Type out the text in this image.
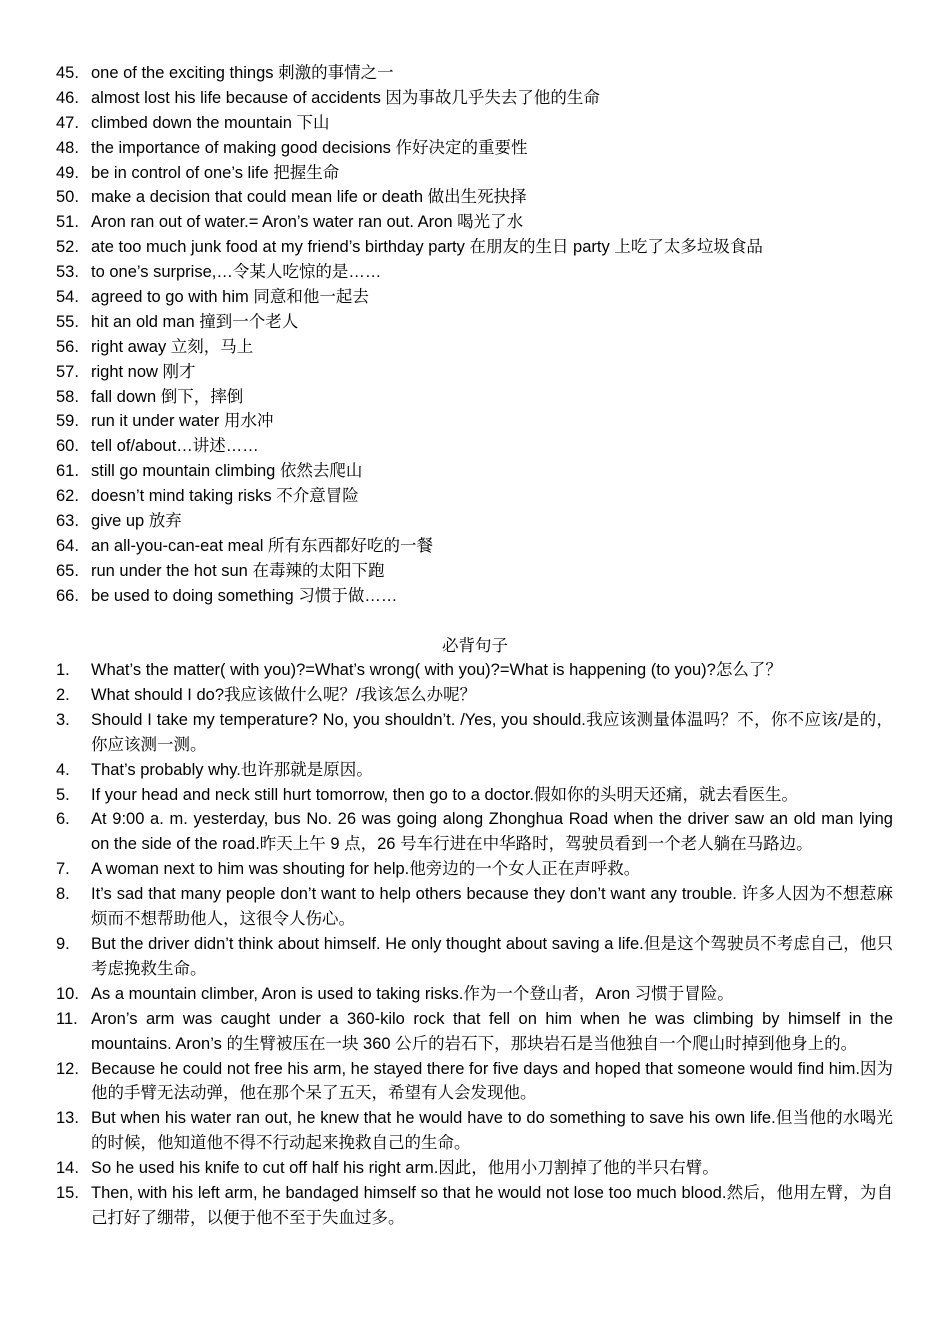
45. one of the exciting things 刺激的事情之一
46. almost lost his life because of accidents 因为事故几乎失去了他的生命
47. climbed down the mountain 下山
48. the importance of making good decisions 作好决定的重要性
49. be in control of one’s life 把握生命
50. make a decision that could mean life or death 做出生死抉择
51. Aron ran out of water.= Aron’s water ran out. Aron 喝光了水
52. ate too much junk food at my friend’s birthday party 在朋友的生日 party 上吃了太多垃圾食品
53. to one’s surprise,…令某人吃惊的是……
54. agreed to go with him 同意和他一起去
55. hit an old man 撞到一个老人
56. right away 立刻，马上
57. right now 刚才
58. fall down 倒下，摔倒
59. run it under water 用水冲
60. tell of/about…讲述……
61. still go mountain climbing 依然去爬山
62. doesn’t mind taking risks 不介意冒险
63. give up 放弃
64. an all-you-can-eat meal 所有东西都好吃的一餐
65. run under the hot sun 在毒辣的太阳下跑
66. be used to doing something 习惯于做……
必背句子
1.	What’s the matter( with you)?=What’s wrong( with you)?=What is happening (to you)?怎么了？
2.	What should I do?我应该做什么呢？/我该怎么办呢？
3.	Should I take my temperature? No, you shouldn’t. /Yes, you should.我应该测量体温吗？不，你不应该/是的，你应该测一测。
4.	That’s probably why.也许那就是原因。
5.	If your head and neck still hurt tomorrow, then go to a doctor.假如你的头明天还痛，就去看医生。
6.	At 9:00 a. m. yesterday, bus No. 26 was going along Zhonghua Road when the driver saw an old man lying on the side of the road.昨天上午 9 点，26 号车行进在中华路时，驾驶员看到一个老人躺在马路边。
7.	A woman next to him was shouting for help.他旁边的一个女人正在声呼救。
8.	It’s sad that many people don’t want to help others because they don’t want any trouble. 许多人因为不想惹麻烦而不想帮助他人，这很令人伤心。
9.	But the driver didn’t think about himself. He only thought about saving a life.但是这个驾驶员不考虑自己，他只考虑挽救生命。
10. As a mountain climber, Aron is used to taking risks.作为一个登山者，Aron 习惯于冒险。
11. Aron’s arm was caught under a 360-kilo rock that fell on him when he was climbing by himself in the mountains. Aron’s 的生臂被压在一块 360 公斤的岩石下，那块岩石是当他独自一个爬山时掉到他身上的。
12. Because he could not free his arm, he stayed there for five days and hoped that someone would find him.因为他的手臂无法动弹，他在那个呆了五天，希望有人会发现他。
13. But when his water ran out, he knew that he would have to do something to save his own life.但当他的水喝光的时候，他知道他不得不行动起来挽救自己的生命。
14. So he used his knife to cut off half his right arm.因此，他用小刀割掉了他的半只右臂。
15. Then, with his left arm, he bandaged himself so that he would not lose too much blood.然后，他用左臂，为自己打好了绷带，以便于他不至于失血过多。
